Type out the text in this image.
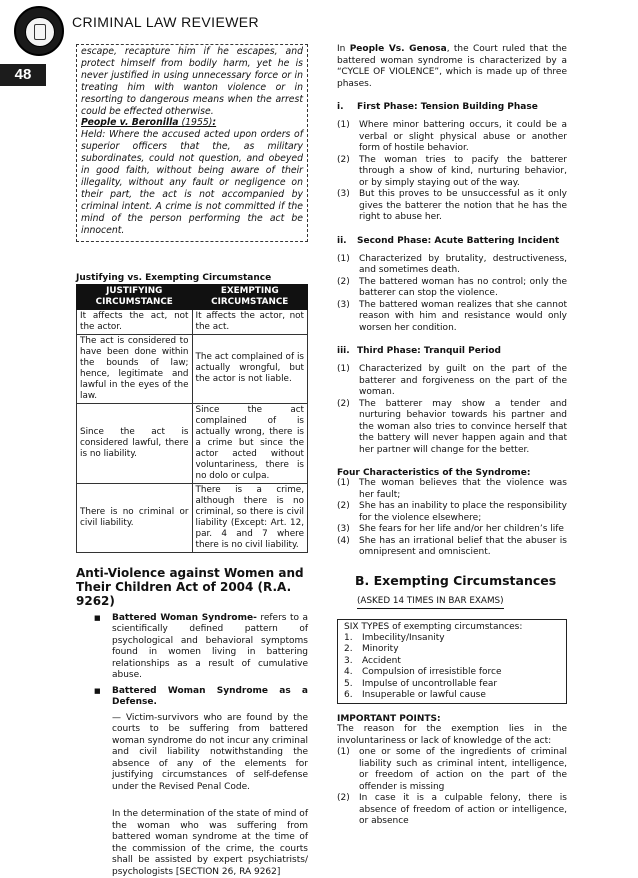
CRIMINAL LAW REVIEWER
48
escape, recapture him if he escapes, and protect himself from bodily harm, yet he is never justified in using unnecessary force or in treating him with wanton violence or in resorting to dangerous means when the arrest could be effected otherwise.
People v. Beronilla (1955):
Held: Where the accused acted upon orders of superior officers that the, as military subordinates, could not question, and obeyed in good faith, without being aware of their illegality, without any fault or negligence on their part, the act is not accompanied by criminal intent. A crime is not committed if the mind of the person performing the act be innocent.
Justifying vs. Exempting Circumstance
JUSTIFYING CIRCUMSTANCE	EXEMPTING CIRCUMSTANCE
It affects the act, not the actor.	It affects the actor, not the act.
The act is considered to have been done within the bounds of law; hence, legitimate and lawful in the eyes of the law.	The act complained of is actually wrongful, but the actor is not liable.
Since the act is considered lawful, there is no liability.	Since the act complained of is actually wrong, there is a crime but since the actor acted without voluntariness, there is no dolo or culpa.
There is no criminal or civil liability.	There is a crime, although there is no criminal, so there is civil liability (Except: Art. 12, par. 4 and 7 where there is no civil liability.
Anti-Violence against Women and Their Children Act of 2004 (R.A. 9262)
■ Battered Woman Syndrome- refers to a scientifically defined pattern of psychological and behavioral symptoms found in women living in battering relationships as a result of cumulative abuse.
■ Battered Woman Syndrome as a Defense.
— Victim-survivors who are found by the courts to be suffering from battered woman syndrome do not incur any criminal and civil liability notwithstanding the absence of any of the elements for justifying circumstances of self-defense under the Revised Penal Code.
In the determination of the state of mind of the woman who was suffering from battered woman syndrome at the time of the commission of the crime, the courts shall be assisted by expert psychiatrists/ psychologists [SECTION 26, RA 9262]

In People Vs. Genosa, the Court ruled that the battered woman syndrome is characterized by a “CYCLE OF VIOLENCE”, which is made up of three phases.

i. First Phase: Tension Building Phase
(1) Where minor battering occurs, it could be a verbal or slight physical abuse or another form of hostile behavior.
(2) The woman tries to pacify the batterer through a show of kind, nurturing behavior, or by simply staying out of the way.
(3) But this proves to be unsuccessful as it only gives the batterer the notion that he has the right to abuse her.
ii. Second Phase: Acute Battering Incident
(1) Characterized by brutality, destructiveness, and sometimes death.
(2) The battered woman has no control; only the batterer can stop the violence.
(3) The battered woman realizes that she cannot reason with him and resistance would only worsen her condition.
iii. Third Phase: Tranquil Period
(1) Characterized by guilt on the part of the batterer and forgiveness on the part of the woman.
(2) The batterer may show a tender and nurturing behavior towards his partner and the woman also tries to convince herself that the battery will never happen again and that her partner will change for the better.
Four Characteristics of the Syndrome:
(1) The woman believes that the violence was her fault;
(2) She has an inability to place the responsibility for the violence elsewhere;
(3) She fears for her life and/or her children’s life
(4) She has an irrational belief that the abuser is omnipresent and omniscient.
B. Exempting Circumstances
(ASKED 14 TIMES IN BAR EXAMS)
SIX TYPES of exempting circumstances:
1. Imbecility/Insanity
2. Minority
3. Accident
4. Compulsion of irresistible force
5. Impulse of uncontrollable fear
6. Insuperable or lawful cause
IMPORTANT POINTS:

The reason for the exemption lies in the involuntariness or lack of knowledge of the act:

(1) one or some of the ingredients of criminal liability such as criminal intent, intelligence, or freedom of action on the part of the offender is missing
(2) In case it is a culpable felony, there is absence of freedom of action or intelligence, or absence
